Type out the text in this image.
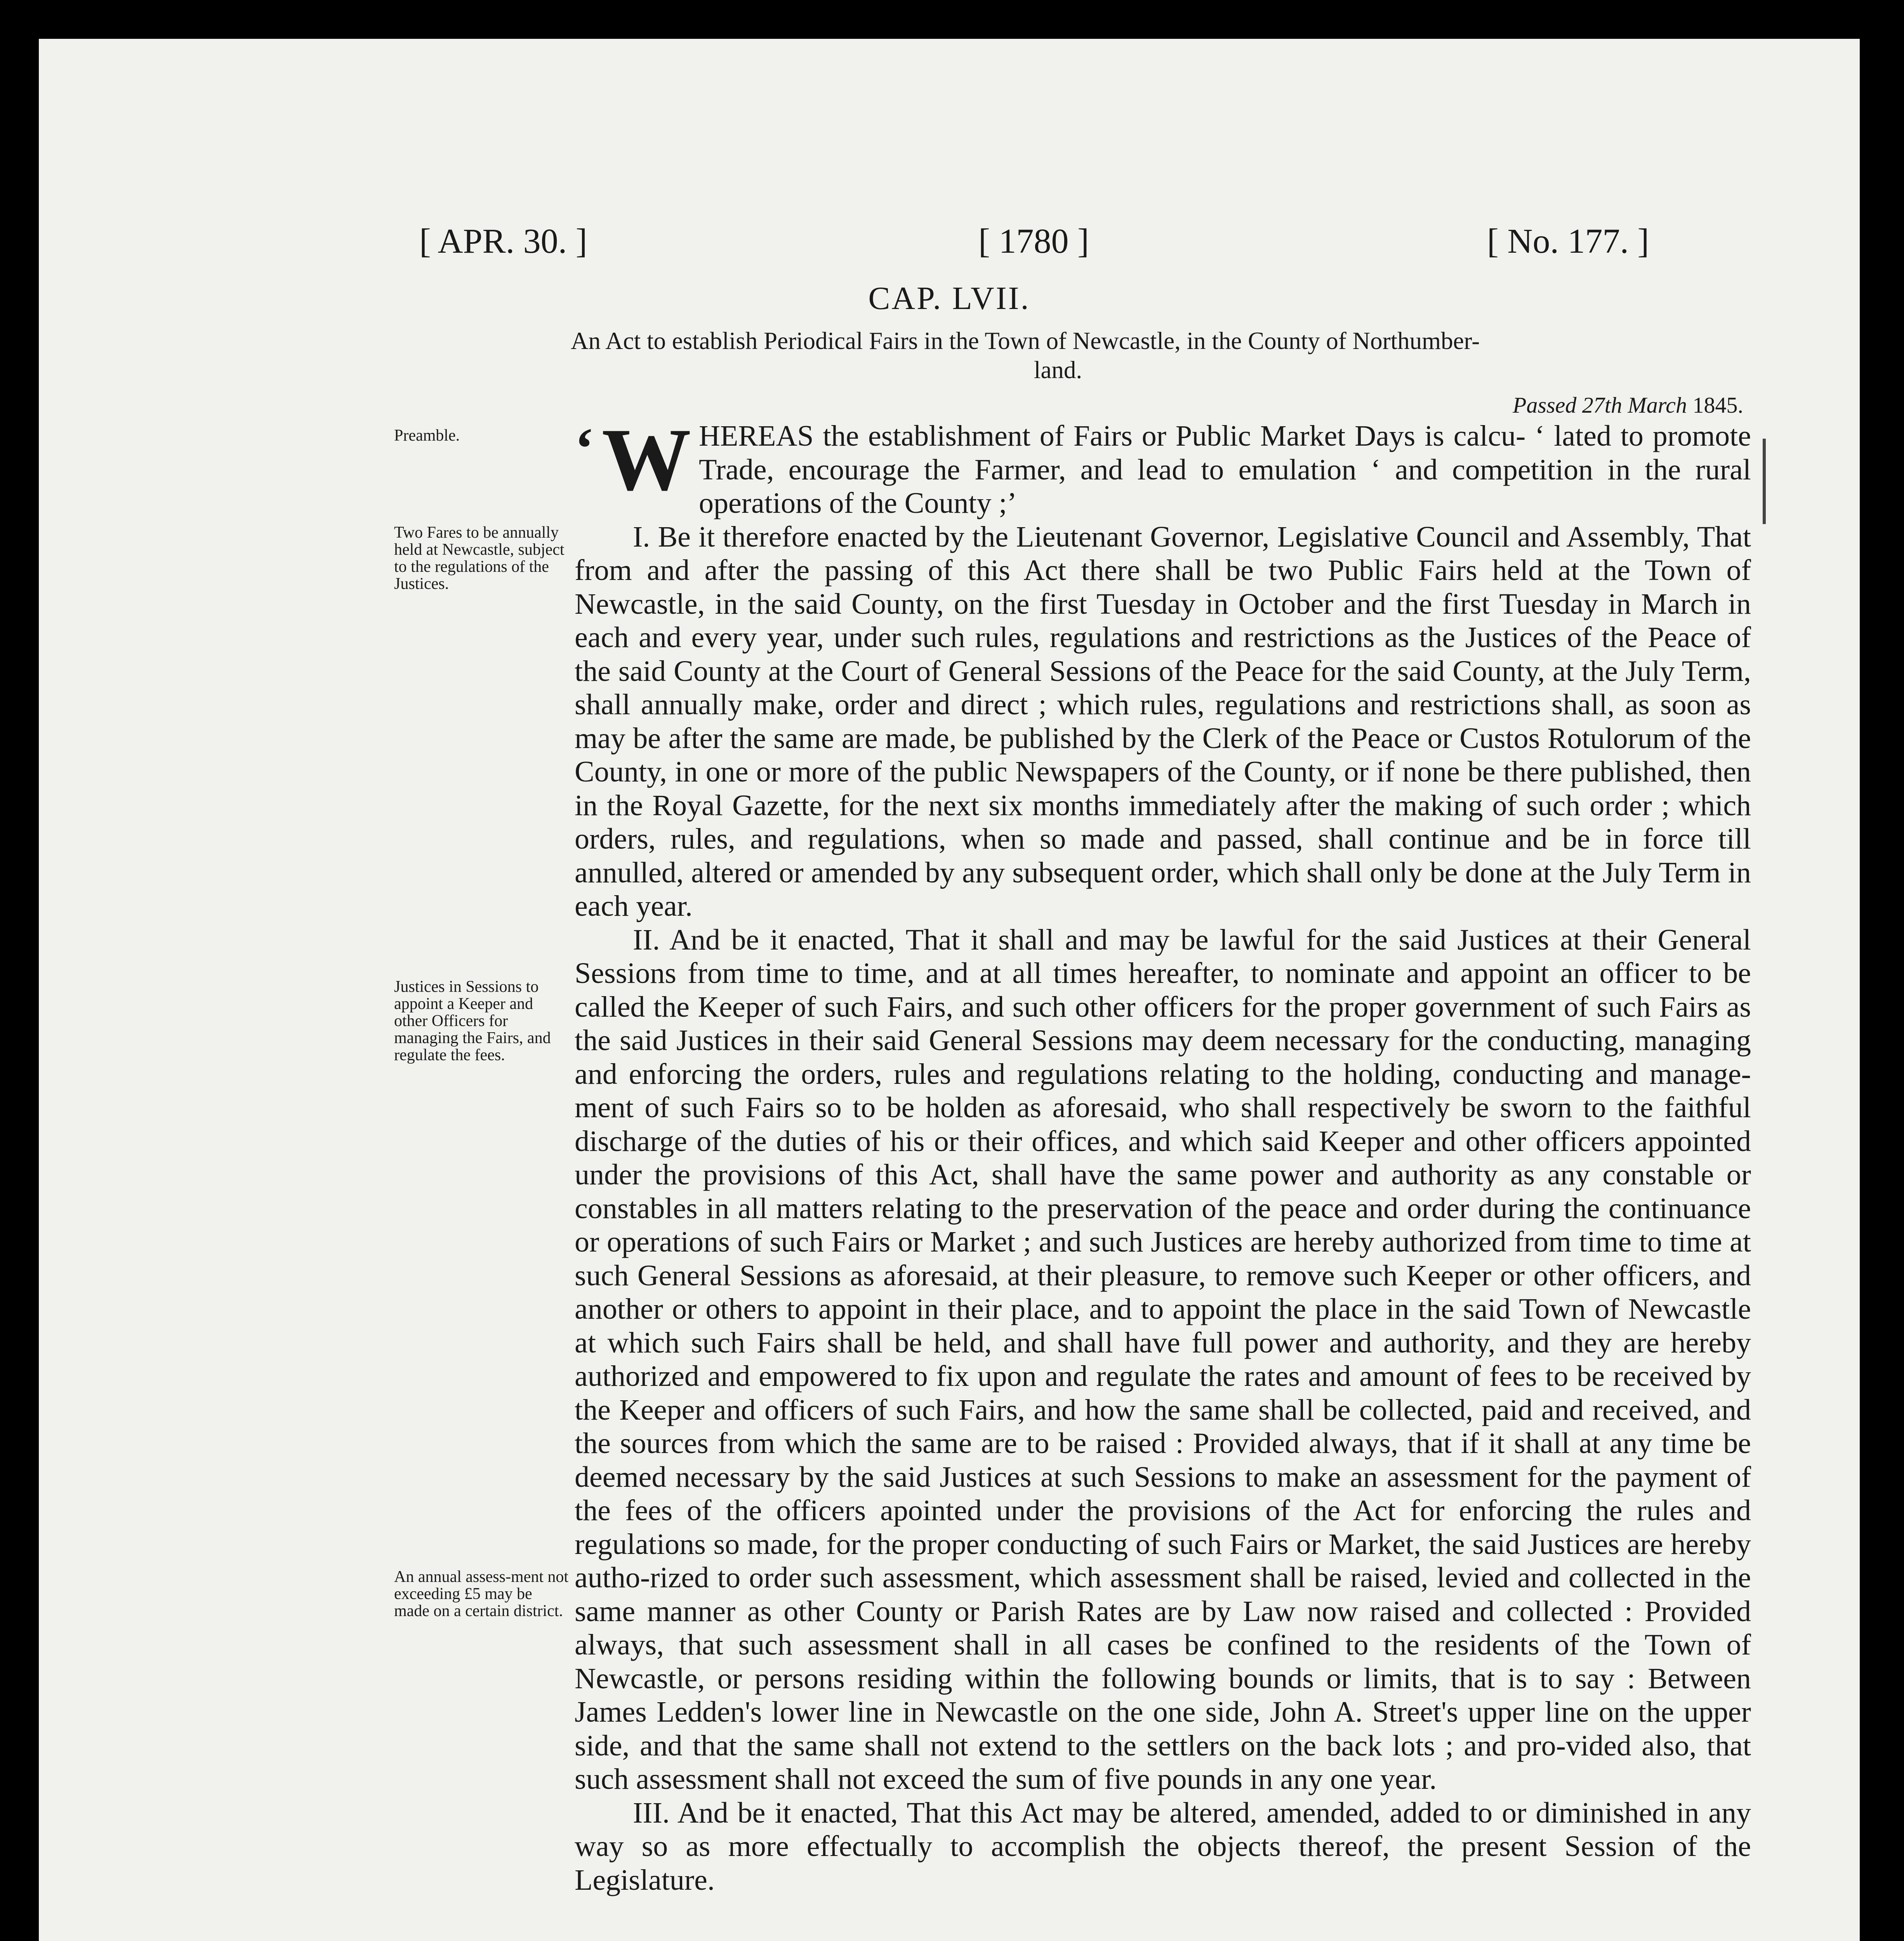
[ APR. 30. ]	[ 1780 ]	[ No. 177. ]
CAP. LVII.
An Act to establish Periodical Fairs in the Town of Newcastle, in the County of Northumber-
land.
Passed 27th March 1845.
Preamble.
Two Fares to be annually held at Newcastle, subject to the regulations of the Justices.
Justices in Sessions to appoint a Keeper and other Officers for managing the Fairs, and regulate the fees.
An annual assess-ment not exceeding £5 may be made on a certain district.

‘ W HEREAS the establishment of Fairs or Public Market Days is calcu- ‘ lated to promote Trade, encourage the Farmer, and lead to emulation ‘ and competition in the rural operations of the County ;’

I. Be it therefore enacted by the Lieutenant Governor, Legislative Council and Assembly, That from and after the passing of this Act there shall be two Public Fairs held at the Town of Newcastle, in the said County, on the first Tuesday in October and the first Tuesday in March in each and every year, under such rules, regulations and restrictions as the Justices of the Peace of the said County at the Court of General Sessions of the Peace for the said County, at the July Term, shall annually make, order and direct ; which rules, regulations and restrictions shall, as soon as may be after the same are made, be published by the Clerk of the Peace or Custos Rotulorum of the County, in one or more of the public Newspapers of the County, or if none be there published, then in the Royal Gazette, for the next six months immediately after the making of such order ; which orders, rules, and regulations, when so made and passed, shall continue and be in force till annulled, altered or amended by any subsequent order, which shall only be done at the July Term in each year.

II. And be it enacted, That it shall and may be lawful for the said Justices at their General Sessions from time to time, and at all times hereafter, to nominate and appoint an officer to be called the Keeper of such Fairs, and such other officers for the proper government of such Fairs as the said Justices in their said General Sessions may deem necessary for the conducting, managing and enforcing the orders, rules and regulations relating to the holding, conducting and manage-ment of such Fairs so to be holden as aforesaid, who shall respectively be sworn to the faithful discharge of the duties of his or their offices, and which said Keeper and other officers appointed under the provisions of this Act, shall have the same power and authority as any constable or constables in all matters relating to the preservation of the peace and order during the continuance or operations of such Fairs or Market ; and such Justices are hereby authorized from time to time at such General Sessions as aforesaid, at their pleasure, to remove such Keeper or other officers, and another or others to appoint in their place, and to appoint the place in the said Town of Newcastle at which such Fairs shall be held, and shall have full power and authority, and they are hereby authorized and empowered to fix upon and regulate the rates and amount of fees to be received by the Keeper and officers of such Fairs, and how the same shall be collected, paid and received, and the sources from which the same are to be raised : Provided always, that if it shall at any time be deemed necessary by the said Justices at such Sessions to make an assessment for the payment of the fees of the officers apointed under the provisions of the Act for enforcing the rules and regulations so made, for the proper conducting of such Fairs or Market, the said Justices are hereby autho-rized to order such assessment, which assessment shall be raised, levied and collected in the same manner as other County or Parish Rates are by Law now raised and collected : Provided always, that such assessment shall in all cases be confined to the residents of the Town of Newcastle, or persons residing within the following bounds or limits, that is to say : Between James Ledden's lower line in Newcastle on the one side, John A. Street's upper line on the upper side, and that the same shall not extend to the settlers on the back lots ; and pro-vided also, that such assessment shall not exceed the sum of five pounds in any one year.

III. And be it enacted, That this Act may be altered, amended, added to or diminished in any way so as more effectually to accomplish the objects thereof, the present Session of the Legislature.
